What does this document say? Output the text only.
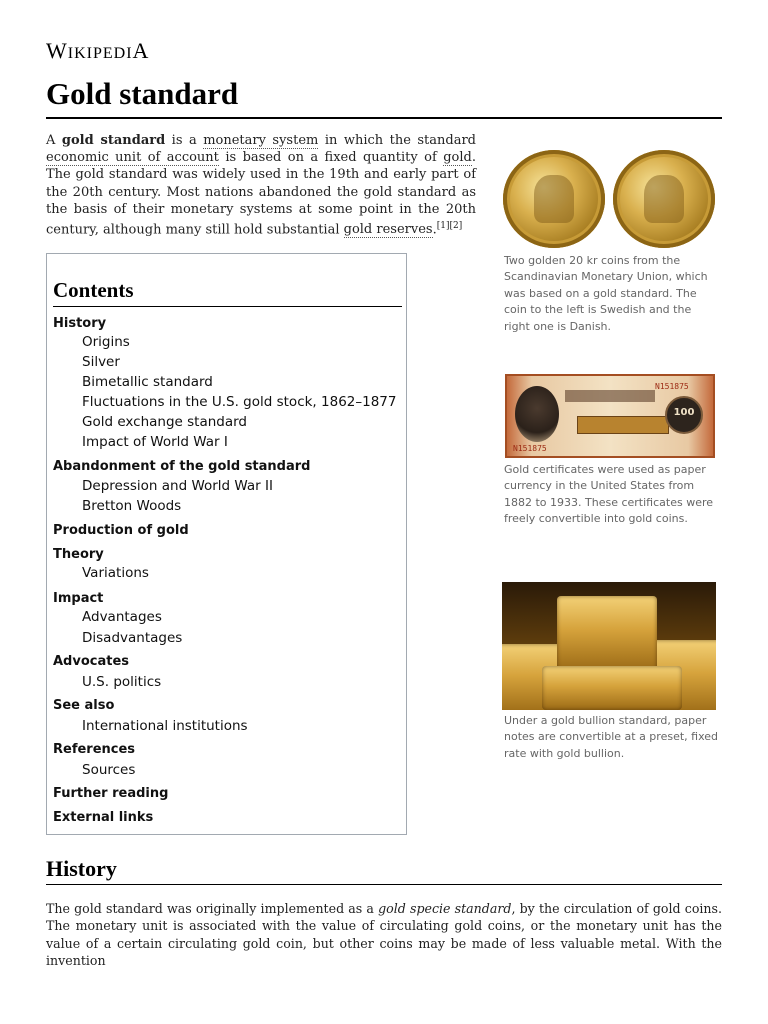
WIKIPEDIA
Gold standard

A gold standard is a monetary system in which the standard economic unit of account is based on a fixed quantity of gold. The gold standard was widely used in the 19th and early part of the 20th century. Most nations abandoned the gold standard as the basis of their monetary systems at some point in the 20th century, although many still hold substantial gold reserves.[1][2]

Contents
History
Origins
Silver
Bimetallic standard
Fluctuations in the U.S. gold stock, 1862–1877
Gold exchange standard
Impact of World War I
Abandonment of the gold standard
Depression and World War II
Bretton Woods
Production of gold
Theory
Variations
Impact
Advantages
Disadvantages
Advocates
U.S. politics
See also
International institutions
References
Sources
Further reading
External links
Two golden 20 kr coins from the Scandinavian Monetary Union, which was based on a gold standard. The coin to the left is Swedish and the right one is Danish.
100
N151875
N151875
Gold certificates were used as paper currency in the United States from 1882 to 1933. These certificates were freely convertible into gold coins.
Under a gold bullion standard, paper notes are convertible at a preset, fixed rate with gold bullion.
History

The gold standard was originally implemented as a gold specie standard, by the circulation of gold coins. The monetary unit is associated with the value of circulating gold coins, or the monetary unit has the value of a certain circulating gold coin, but other coins may be made of less valuable metal. With the invention
